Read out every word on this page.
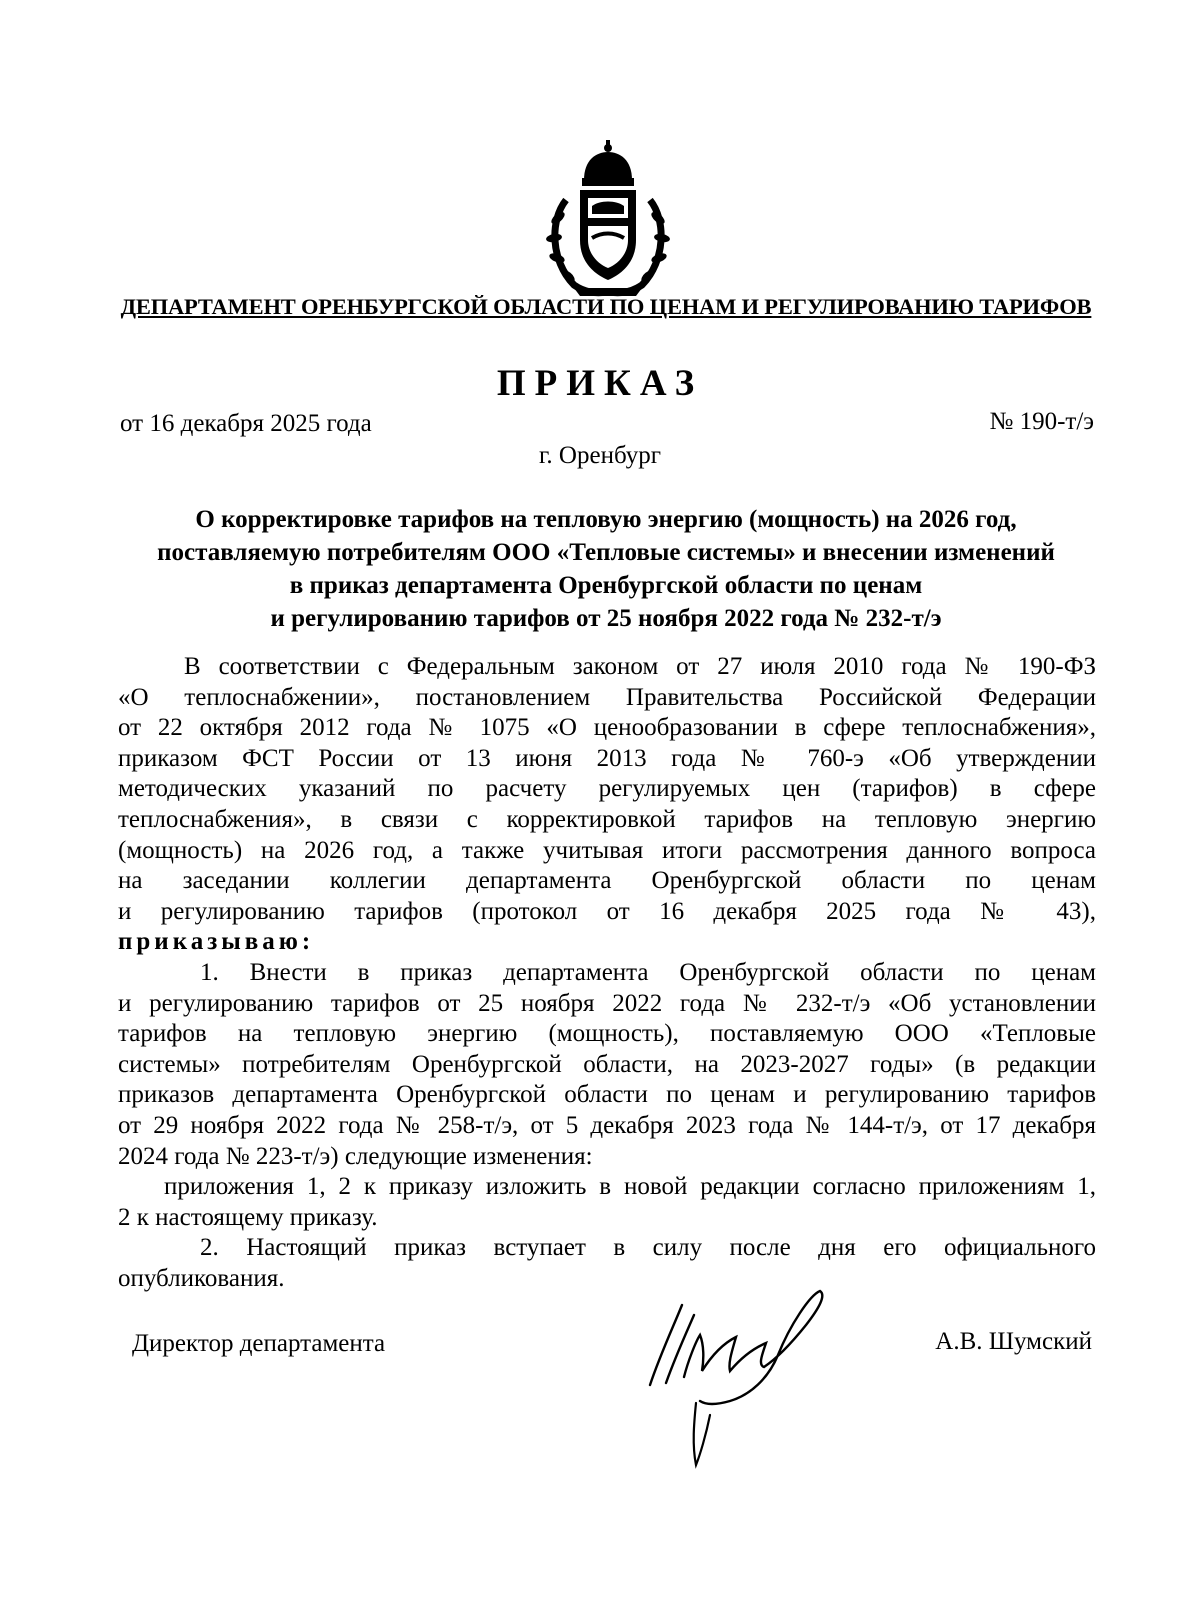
ДЕПАРТАМЕНТ ОРЕНБУРГСКОЙ ОБЛАСТИ ПО ЦЕНАМ И РЕГУЛИРОВАНИЮ ТАРИФОВ
ПРИКАЗ
от 16 декабря 2025 года	№ 190-т/э
г. Оренбург
О корректировке тарифов на тепловую энергию (мощность) на 2026 год,
поставляемую потребителям ООО «Тепловые системы» и внесении изменений
в приказ департамента Оренбургской области по ценам
и регулированию тарифов от 25 ноября 2022 года № 232-т/э
В соответствии с Федеральным законом от 27 июля 2010 года № 190-ФЗ
«О теплоснабжении», постановлением Правительства Российской Федерации
от 22 октября 2012 года № 1075 «О ценообразовании в сфере теплоснабжения»,
приказом ФСТ России от 13 июня 2013 года № 760-э «Об утверждении
методических указаний по расчету регулируемых цен (тарифов) в сфере
теплоснабжения», в связи с корректировкой тарифов на тепловую энергию
(мощность) на 2026 год, а также учитывая итоги рассмотрения данного вопроса
на заседании коллегии департамента Оренбургской области по ценам
и регулированию тарифов (протокол от 16 декабря 2025 года № 43),
приказываю:
1. Внести в приказ департамента Оренбургской области по ценам
и регулированию тарифов от 25 ноября 2022 года № 232-т/э «Об установлении
тарифов на тепловую энергию (мощность), поставляемую ООО «Тепловые
системы» потребителям Оренбургской области, на 2023-2027 годы» (в редакции
приказов департамента Оренбургской области по ценам и регулированию тарифов
от 29 ноября 2022 года № 258-т/э, от 5 декабря 2023 года № 144-т/э, от 17 декабря
2024 года № 223-т/э) следующие изменения:
приложения 1, 2 к приказу изложить в новой редакции согласно приложениям 1,
2 к настоящему приказу.
2. Настоящий приказ вступает в силу после дня его официального
опубликования.
Директор департамента	А.В. Шумский
